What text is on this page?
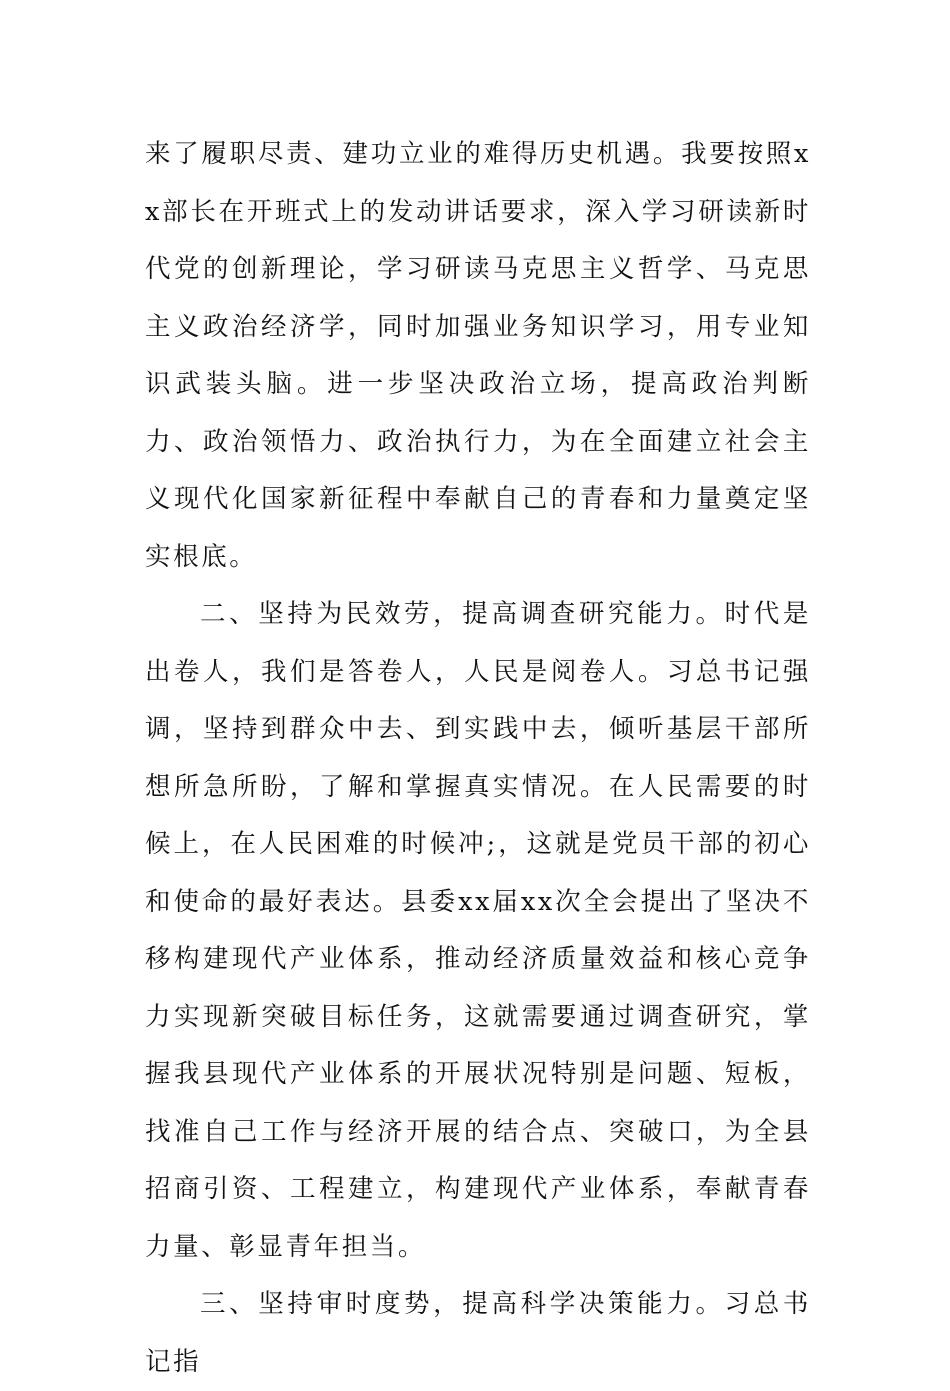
来了履职尽责、建功立业的难得历史机遇。我要按照xx部长在开班式上的发动讲话要求，深入学习研读新时代党的创新理论，学习研读马克思主义哲学、马克思主义政治经济学，同时加强业务知识学习，用专业知识武装头脑。进一步坚决政治立场，提高政治判断力、政治领悟力、政治执行力，为在全面建立社会主义现代化国家新征程中奉献自己的青春和力量奠定坚实根底。

二、坚持为民效劳，提高调查研究能力。时代是出卷人，我们是答卷人，人民是阅卷人。习总书记强调，坚持到群众中去、到实践中去，倾听基层干部所想所急所盼，了解和掌握真实情况。在人民需要的时候上，在人民困难的时候冲;，这就是党员干部的初心和使命的最好表达。县委xx届xx次全会提出了坚决不移构建现代产业体系，推动经济质量效益和核心竞争力实现新突破目标任务，这就需要通过调查研究，掌握我县现代产业体系的开展状况特别是问题、短板，找准自己工作与经济开展的结合点、突破口，为全县招商引资、工程建立，构建现代产业体系，奉献青春力量、彰显青年担当。

三、坚持审时度势，提高科学决策能力。习总书记指
